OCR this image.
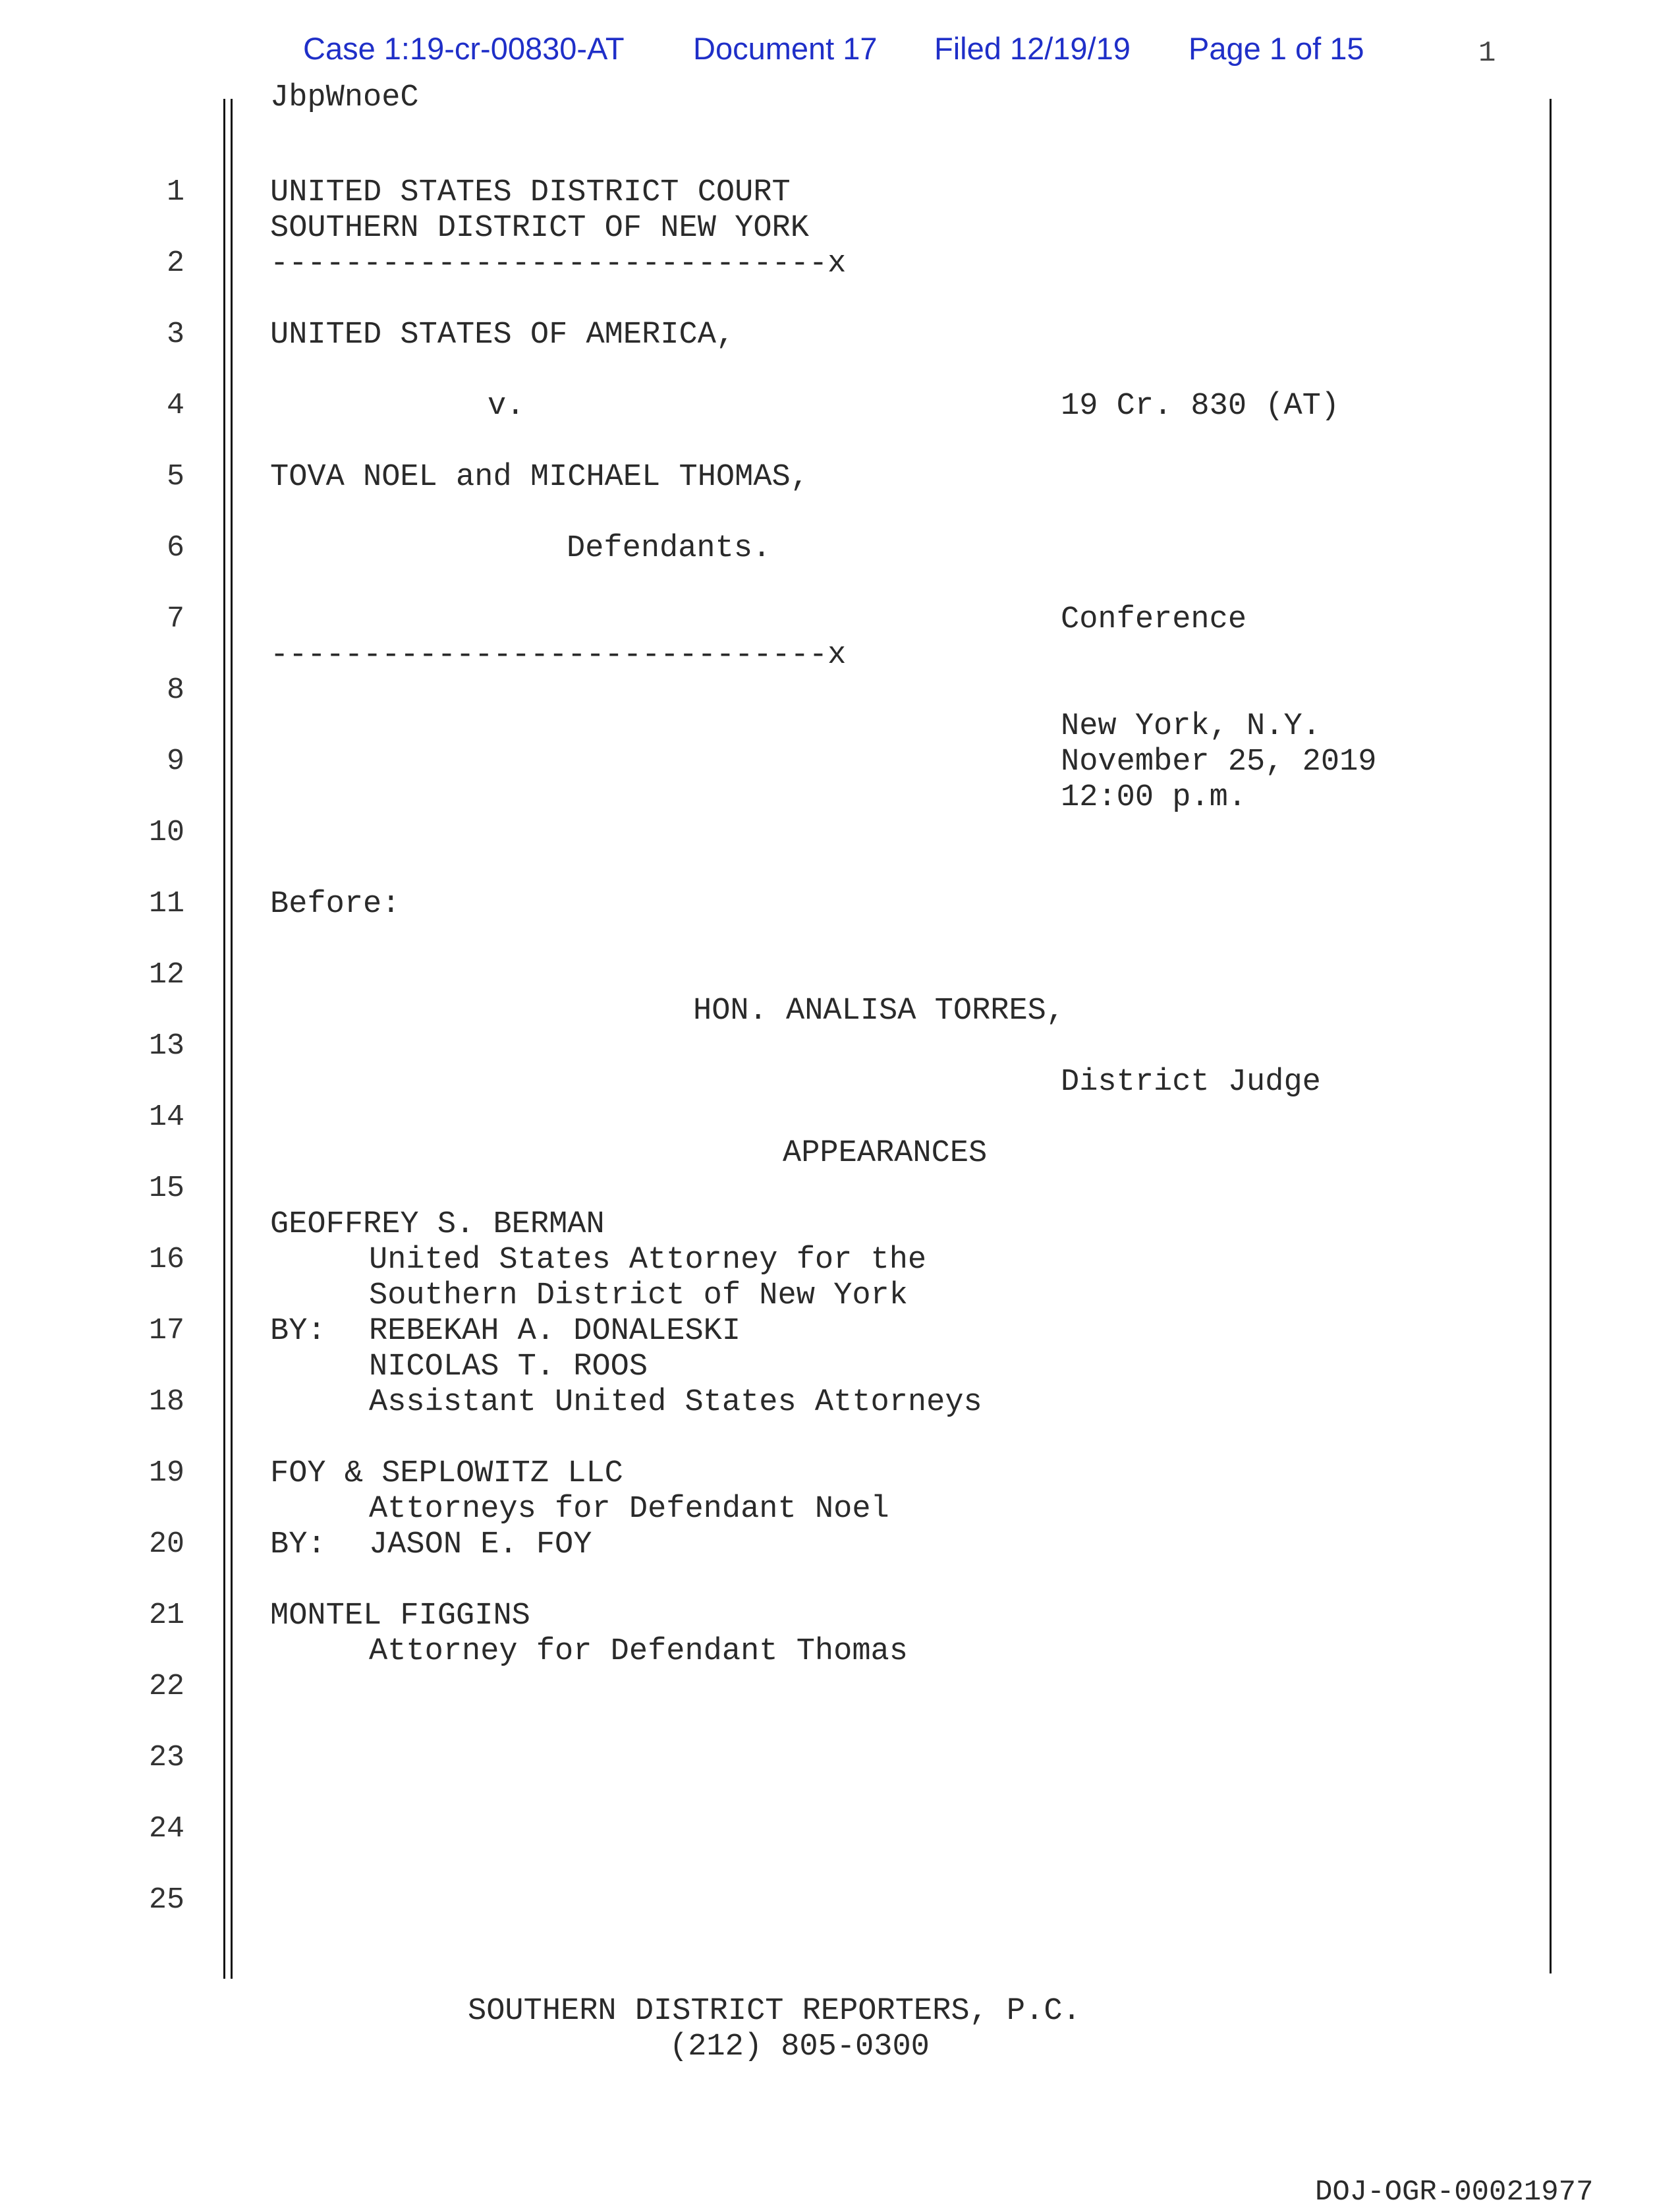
Case 1:19-cr-00830-AT Document 17 Filed 12/19/19 Page 1 of 15	1
JbpWnoeC
1
2
3
4
5
6
7
8
9
10
11
12
13
14
15
16
17
18
19
20
21
22
23
24
25
UNITED STATES DISTRICT COURT
SOUTHERN DISTRICT OF NEW YORK
------------------------------x
UNITED STATES OF AMERICA,
v.	19 Cr. 830 (AT)
TOVA NOEL and MICHAEL THOMAS,
Defendants.
Conference
------------------------------x
New York, N.Y.
November 25, 2019
12:00 p.m.
Before:
HON. ANALISA TORRES,
District Judge
APPEARANCES
GEOFFREY S. BERMAN
United States Attorney for the
Southern District of New York
BY: REBEKAH A. DONALESKI
NICOLAS T. ROOS
Assistant United States Attorneys
FOY & SEPLOWITZ LLC
Attorneys for Defendant Noel
BY: JASON E. FOY
MONTEL FIGGINS
Attorney for Defendant Thomas
SOUTHERN DISTRICT REPORTERS, P.C.
(212) 805-0300
DOJ-OGR-00021977
